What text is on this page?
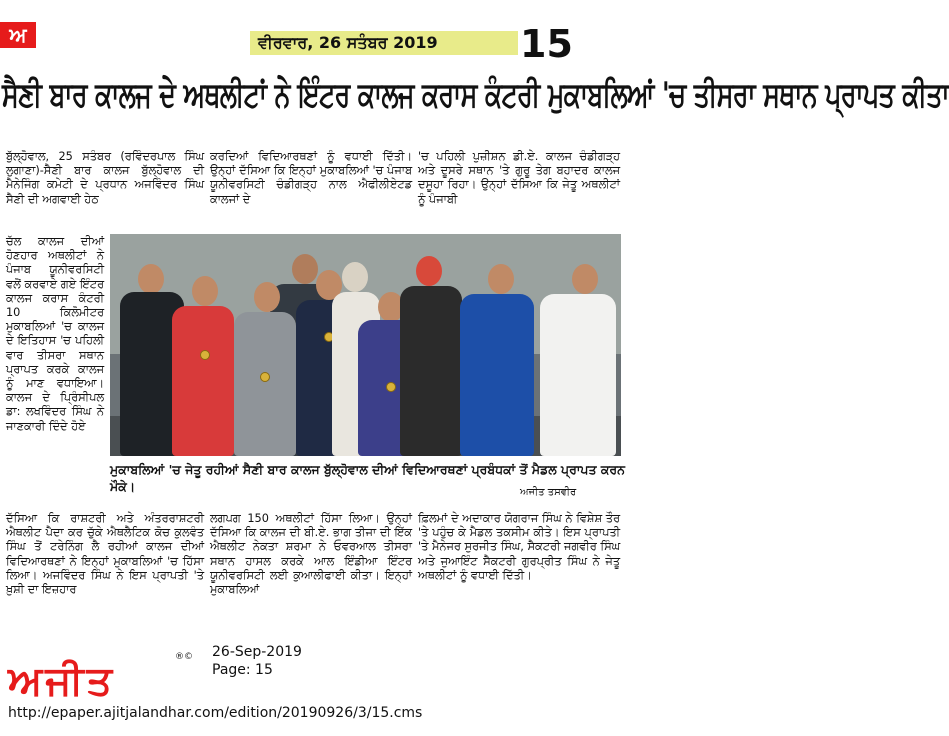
ਅ	ਵੀਰਵਾਰ, 26 ਸਤੰਬਰ 2019	15
ਸੈਣੀ ਬਾਰ ਕਾਲਜ ਦੇ ਅਥਲੀਟਾਂ ਨੇ ਇੰਟਰ ਕਾਲਜ ਕਰਾਸ ਕੰਟਰੀ ਮੁਕਾਬਲਿਆਂ 'ਚ ਤੀਸਰਾ ਸਥਾਨ ਪ੍ਰਾਪਤ ਕੀਤਾ
ਬੁੱਲ੍ਹੋਵਾਲ, 25 ਸਤੰਬਰ (ਰਵਿੰਦਰਪਾਲ ਸਿੰਘ ਲੁਗਾਣਾ)-ਸੈਣੀ ਬਾਰ ਕਾਲਜ ਬੁੱਲ੍ਹੋਵਾਲ ਦੀ ਮੈਨੇਜਿੰਗ ਕਮੇਟੀ ਦੇ ਪ੍ਰਧਾਨ ਅਜਵਿੰਦਰ ਸਿੰਘ ਸੈਣੀ ਦੀ ਅਗਵਾਈ ਹੇਠ
ਕਰਦਿਆਂ ਵਿਦਿਆਰਥਣਾਂ ਨੂੰ ਵਧਾਈ ਦਿੱਤੀ। ਉਨ੍ਹਾਂ ਦੱਸਿਆ ਕਿ ਇਨ੍ਹਾਂ ਮੁਕਾਬਲਿਆਂ 'ਚ ਪੰਜਾਬ ਯੂਨੀਵਰਸਿਟੀ ਚੰਡੀਗੜ੍ਹ ਨਾਲ ਐਫੀਲੀਏਟਡ ਕਾਲਜਾਂ ਦੇ
'ਚ ਪਹਿਲੀ ਪੁਜ਼ੀਸ਼ਨ ਡੀ.ਏ. ਕਾਲਜ ਚੰਡੀਗੜ੍ਹ ਅਤੇ ਦੂਸਰੇ ਸਥਾਨ 'ਤੇ ਗੁਰੂ ਤੇਗ ਬਹਾਦਰ ਕਾਲਜ ਦਸੂਹਾ ਰਿਹਾ। ਉਨ੍ਹਾਂ ਦੱਸਿਆ ਕਿ ਜੇਤੂ ਅਥਲੀਟਾਂ ਨੂੰ ਪੰਜਾਬੀ
ਚੱਲ ਕਾਲਜ ਦੀਆਂ ਹੋਣਹਾਰ ਅਥਲੀਟਾਂ ਨੇ ਪੰਜਾਬ ਯੂਨੀਵਰਸਿਟੀ ਵਲੋਂ ਕਰਵਾਏ ਗਏ ਇੰਟਰ ਕਾਲਜ ਕਰਾਸ ਕੰਟਰੀ 10 ਕਿਲੋਮੀਟਰ ਮੁਕਾਬਲਿਆਂ 'ਚ ਕਾਲਜ ਦੇ ਇਤਿਹਾਸ 'ਚ ਪਹਿਲੀ ਵਾਰ ਤੀਸਰਾ ਸਥਾਨ ਪ੍ਰਾਪਤ ਕਰਕੇ ਕਾਲਜ ਨੂੰ ਮਾਣ ਵਧਾਇਆ। ਕਾਲਜ ਦੇ ਪ੍ਰਿੰਸੀਪਲ ਡਾ: ਲਖਵਿੰਦਰ ਸਿੰਘ ਨੇ ਜਾਣਕਾਰੀ ਦਿੰਦੇ ਹੋਏ
ਮੁਕਾਬਲਿਆਂ 'ਚ ਜੇਤੂ ਰਹੀਆਂ ਸੈਣੀ ਬਾਰ ਕਾਲਜ ਬੁੱਲ੍ਹੋਵਾਲ ਦੀਆਂ ਵਿਦਿਆਰਥਣਾਂ ਪ੍ਰਬੰਧਕਾਂ ਤੋਂ ਮੈਡਲ ਪ੍ਰਾਪਤ ਕਰਨ ਮੌਕੇ।	ਅਜੀਤ ਤਸਵੀਰ
ਦੱਸਿਆ ਕਿ ਰਾਸ਼ਟਰੀ ਅਤੇ ਅੰਤਰਰਾਸ਼ਟਰੀ ਐਥਲੀਟ ਪੈਦਾ ਕਰ ਚੁੱਕੇ ਐਥਲੈਟਿਕ ਕੋਚ ਕੁਲਵੰਤ ਸਿੰਘ ਤੋਂ ਟਰੇਨਿੰਗ ਲੈ ਰਹੀਆਂ ਕਾਲਜ ਦੀਆਂ ਵਿਦਿਆਰਥਣਾਂ ਨੇ ਇਨ੍ਹਾਂ ਮੁਕਾਬਲਿਆਂ 'ਚ ਹਿੱਸਾ ਲਿਆ। ਅਜਵਿੰਦਰ ਸਿੰਘ ਨੇ ਇਸ ਪ੍ਰਾਪਤੀ 'ਤੇ ਖ਼ੁਸ਼ੀ ਦਾ ਇਜ਼ਹਾਰ
ਲਗਪਗ 150 ਅਥਲੀਟਾਂ ਹਿੱਸਾ ਲਿਆ। ਉਨ੍ਹਾਂ ਦੱਸਿਆ ਕਿ ਕਾਲਜ ਦੀ ਬੀ.ਏ. ਭਾਗ ਤੀਜਾ ਦੀ ਇੱਕ ਐਥਲੀਟ ਨੇਕਤਾ ਸ਼ਰਮਾ ਨੇ ਓਵਰਆਲ ਤੀਸਰਾ ਸਥਾਨ ਹਾਸਲ ਕਰਕੇ ਆਲ ਇੰਡੀਆ ਇੰਟਰ ਯੂਨੀਵਰਸਿਟੀ ਲਈ ਕੁਆਲੀਫਾਈ ਕੀਤਾ। ਇਨ੍ਹਾਂ ਮੁਕਾਬਲਿਆਂ
ਫ਼ਿਲਮਾਂ ਦੇ ਅਦਾਕਾਰ ਯੋਗਰਾਜ ਸਿੰਘ ਨੇ ਵਿਸ਼ੇਸ਼ ਤੌਰ 'ਤੇ ਪਹੁੰਚ ਕੇ ਮੈਡਲ ਤਕਸੀਮ ਕੀਤੇ। ਇਸ ਪ੍ਰਾਪਤੀ 'ਤੇ ਮੈਨੇਜਰ ਸੁਰਜੀਤ ਸਿੰਘ, ਸੈਕਟਰੀ ਜਗਵੀਰ ਸਿੰਘ ਅਤੇ ਜੁਆਇੰਟ ਸੈਕਟਰੀ ਗੁਰਪ੍ਰੀਤ ਸਿੰਘ ਨੇ ਜੇਤੂ ਅਥਲੀਟਾਂ ਨੂੰ ਵਧਾਈ ਦਿੱਤੀ।
26-Sep-2019
Page: 15
ਅਜੀਤ
®©
http://epaper.ajitjalandhar.com/edition/20190926/3/15.cms
